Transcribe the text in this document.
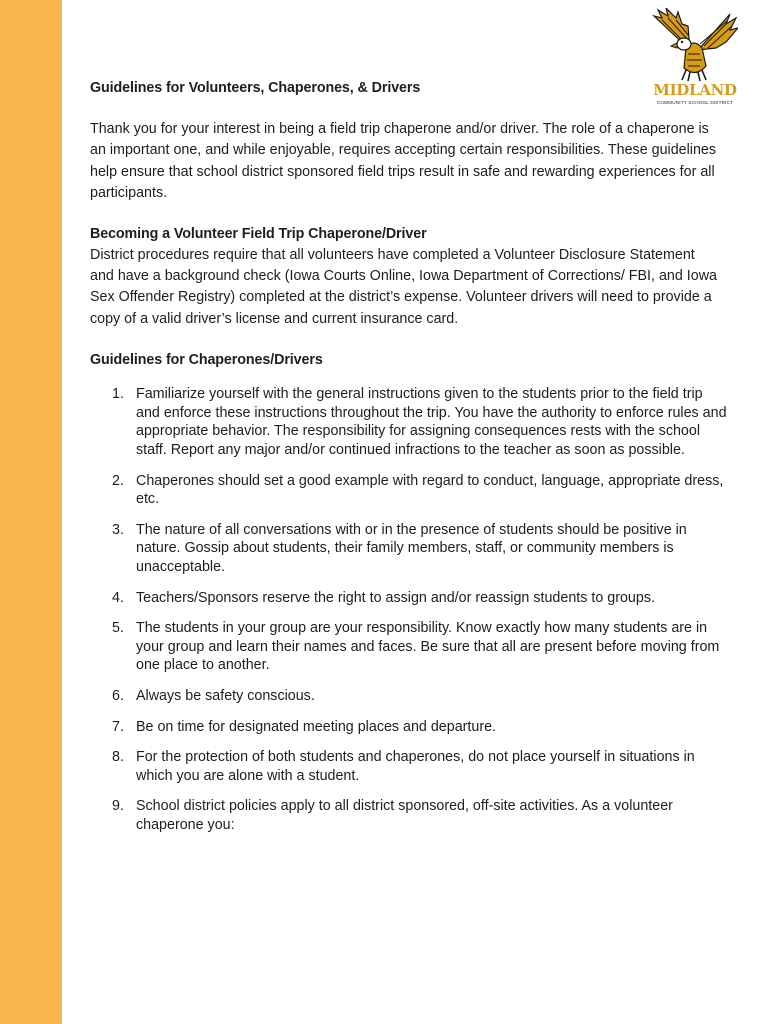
MIDLAND
COMMUNITY SCHOOL DISTRICT
Guidelines for Volunteers, Chaperones, & Drivers

Thank you for your interest in being a field trip chaperone and/or driver. The role of a chaperone is an important one, and while enjoyable, requires accepting certain responsibilities. These guidelines help ensure that school district sponsored field trips result in safe and rewarding experiences for all participants.

Becoming a Volunteer Field Trip Chaperone/Driver

District procedures require that all volunteers have completed a Volunteer Disclosure Statement and have a background check (Iowa Courts Online, Iowa Department of Corrections/ FBI, and Iowa Sex Offender Registry) completed at the district’s expense. Volunteer drivers will need to provide a copy of a valid driver’s license and current insurance card.

Guidelines for Chaperones/Drivers
1. Familiarize yourself with the general instructions given to the students prior to the field trip and enforce these instructions throughout the trip. You have the authority to enforce rules and appropriate behavior. The responsibility for assigning consequences rests with the school staff. Report any major and/or continued infractions to the teacher as soon as possible.
2. Chaperones should set a good example with regard to conduct, language, appropriate dress, etc.
3. The nature of all conversations with or in the presence of students should be positive in nature. Gossip about students, their family members, staff, or community members is unacceptable.
4. Teachers/Sponsors reserve the right to assign and/or reassign students to groups.
5. The students in your group are your responsibility. Know exactly how many students are in your group and learn their names and faces. Be sure that all are present before moving from one place to another.
6. Always be safety conscious.
7. Be on time for designated meeting places and departure.
8. For the protection of both students and chaperones, do not place yourself in situations in which you are alone with a student.
9. School district policies apply to all district sponsored, off-site activities. As a volunteer chaperone you:
